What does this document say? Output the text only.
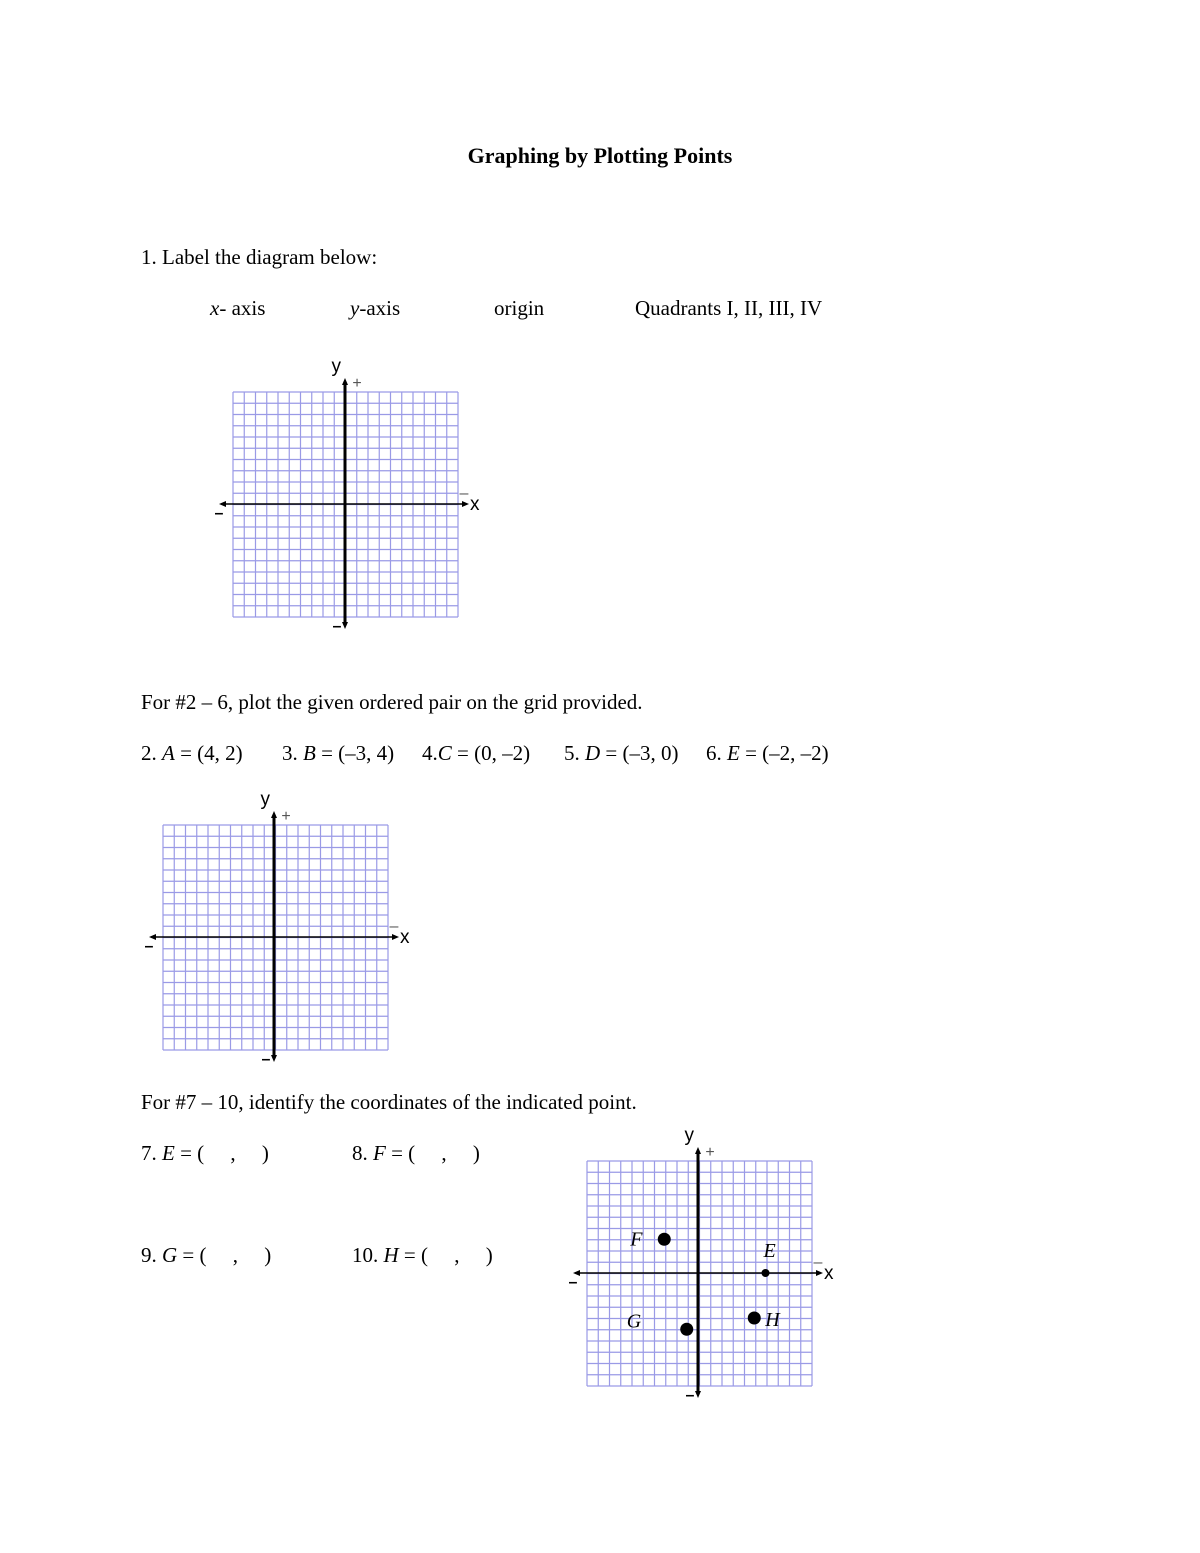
Graphing by Plotting Points
1. Label the diagram below:
x- axis	y-axis	origin	Quadrants I, II, III, IV
x
y
+
–
–
–
For #2 – 6, plot the given ordered pair on the grid provided.
2. A = (4, 2) 3. B = (–3, 4) 4.C = (0, –2) 5. D = (–3, 0) 6. E = (–2, –2)
x
y
+
–
–
–
For #7 – 10, identify the coordinates of the indicated point.
7. E = (     ,     )	8. F = (     ,     )
9. G = (     ,     )	10. H = (     ,     )
x
y
+
–
–
–
F
E
G	H
